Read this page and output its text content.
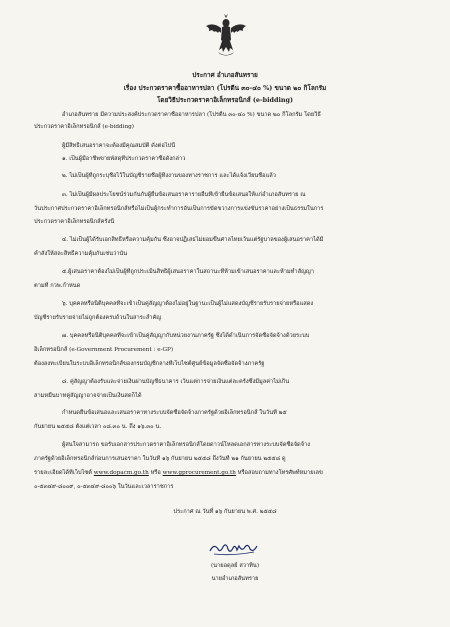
ประกาศ อำเภอสันทราย
เรื่อง ประกวดราคาซื้ออาหารปลา (โปรตีน ๓๐-๔๐ %) ขนาด ๒๐ กิโลกรัม
โดยวิธีประกวดราคาอิเล็กทรอนิกส์ (e-bidding)
อำเภอสันทราย มีความประสงค์ประกวดราคาซื้ออาหารปลา (โปรตีน ๓๐-๔๐ %) ขนาด ๒๐ กิโลกรัม โดยวิธี
ประกวดราคาอิเล็กทรอนิกส์ (e-bidding)
ผู้มีสิทธิเสนอราคาจะต้องมีคุณสมบัติ ดังต่อไปนี้
๑. เป็นผู้มีอาชีพขายพัสดุที่ประกวดราคาซื้อดังกล่าว
๒. ไม่เป็นผู้ที่ถูกระบุชื่อไว้ในบัญชีรายชื่อผู้ทิ้งงานของทางราชการ และได้แจ้งเวียนชื่อแล้ว
๓. ไม่เป็นผู้มีผลประโยชน์ร่วมกันกับผู้ยื่นข้อเสนอราคารายอื่นที่เข้ายื่นข้อเสนอให้แก่อำเภอสันทราย ณ
วันประกาศประกวดราคาอิเล็กทรอนิกส์หรือไม่เป็นผู้กระทำการอันเป็นการขัดขวางการแข่งขันราคาอย่างเป็นธรรมในการ
ประกวดราคาอิเล็กทรอนิกส์ครั้งนี้
๔. ไม่เป็นผู้ได้รับเอกสิทธิ์หรือความคุ้มกัน ซึ่งอาจปฏิเสธไม่ยอมขึ้นศาลไทยเว้นแต่รัฐบาลของผู้เสนอราคาได้มี
คำสั่งให้สละสิทธิ์ความคุ้มกันเช่นว่านั้น
๕.ผู้เสนอราคาต้องไม่เป็นผู้ที่ถูกประเมินสิทธิผู้เสนอราคาในสถานะที่ห้ามเข้าเสนอราคาและห้ามทำสัญญา
ตามที่ กวพ.กำหนด
๖. บุคคลหรือนิติบุคคลที่จะเข้าเป็นคู่สัญญาต้องไม่อยู่ในฐานะเป็นผู้ไม่แสดงบัญชีรายรับรายจ่ายหรือแสดง
บัญชีรายรับรายจ่ายไม่ถูกต้องครบถ้วนในสาระสำคัญ
๗. บุคคลหรือนิติบุคคลที่จะเข้าเป็นคู่สัญญากับหน่วยงานภาครัฐ ซึ่งได้ดำเนินการจัดซื้อจัดจ้างด้วยระบบ
อิเล็กทรอนิกส์ (e-Government Procurement : e-GP)
ต้องลงทะเบียนในระบบอิเล็กทรอนิกส์ของกรมบัญชีกลางที่เว็บไซต์ศูนย์ข้อมูลจัดซื้อจัดจ้างภาครัฐ
๘. คู่สัญญาต้องรับและจ่ายเงินผ่านบัญชีธนาคาร เว้นแต่การจ่ายเงินแต่ละครั้งซึ่งมีมูลค่าไม่เกิน
สามหมื่นบาทคู่สัญญาอาจจ่ายเป็นเงินสดก็ได้
กำหนดยื่นข้อเสนอและเสนอราคาทางระบบจัดซื้อจัดจ้างภาครัฐด้วยอิเล็กทรอนิกส์ ในวันที่ ๒๕
กันยายน ๒๕๕๘ ตั้งแต่เวลา ๐๘.๓๐ น. ถึง ๑๖.๓๐ น.
ผู้สนใจสามารถ ขอรับเอกสารประกวดราคาอิเล็กทรอนิกส์โดยดาวน์โหลดเอกสารทางระบบจัดซื้อจัดจ้าง
ภาครัฐด้วยอิเล็กทรอนิกส์ก่อนการเสนอราคา ในวันที่ ๑๖ กันยายน ๒๕๕๘ ถึงวันที่ ๒๑ กันยายน ๒๕๕๘ ดู
รายละเอียดได้ที่เว็บไซต์ www.dopacm.go.th หรือ www.gprocurement.go.th หรือสอบถามทางโทรศัพท์หมายเลข
๐-๕๓๔๙-๘๐๐๙, ๐-๕๓๔๙-๘๐๐๖ ในวันและเวลาราชการ
ประกาศ ณ วันที่ ๑๖ กันยายน พ.ศ. ๒๕๕๘
(นายอดุลย์ สวาทิน)
นายอำเภอสันทราย
